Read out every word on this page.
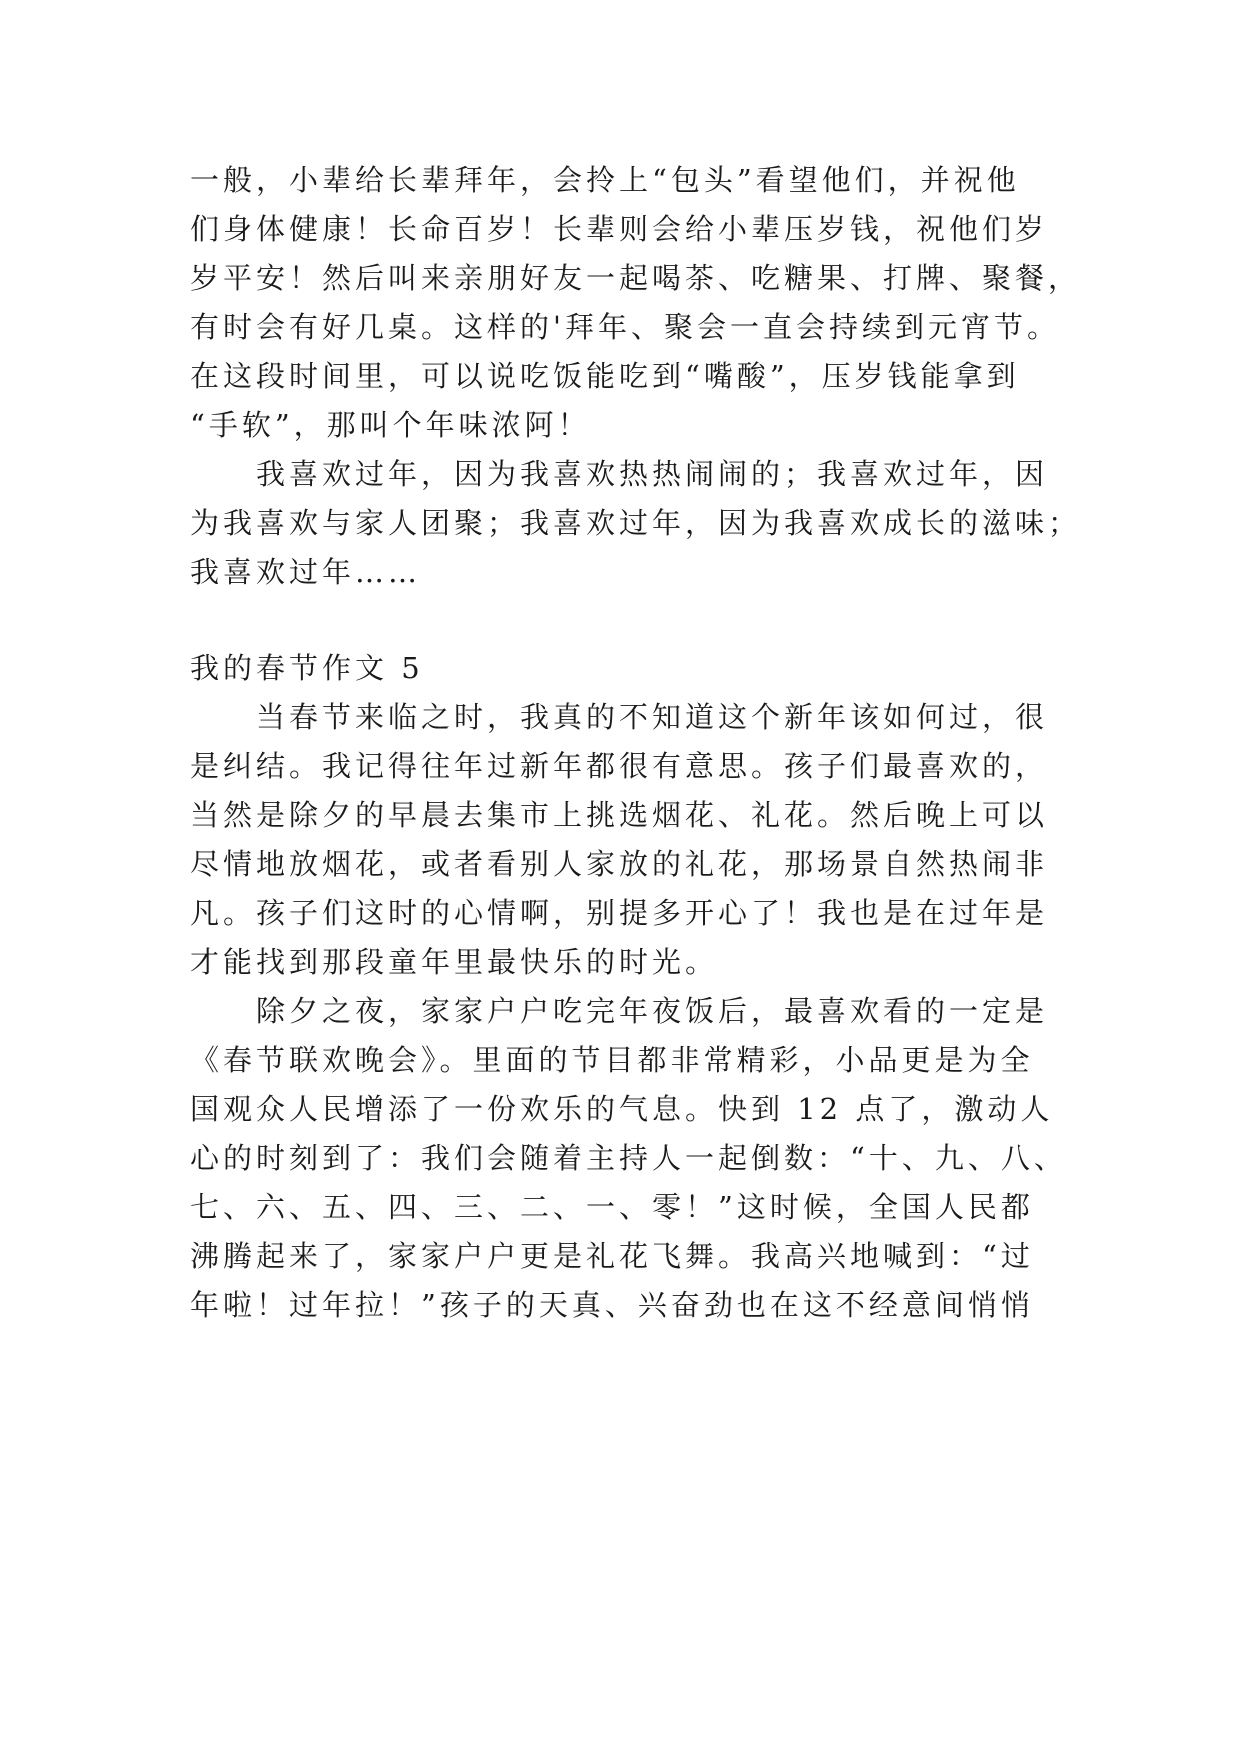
一般，小辈给长辈拜年，会拎上“包头”看望他们，并祝他
们身体健康！长命百岁！长辈则会给小辈压岁钱，祝他们岁
岁平安！然后叫来亲朋好友一起喝茶、吃糖果、打牌、聚餐，
有时会有好几桌。这样的'拜年、聚会一直会持续到元宵节。
在这段时间里，可以说吃饭能吃到“嘴酸”，压岁钱能拿到
“手软”，那叫个年味浓阿！
我喜欢过年，因为我喜欢热热闹闹的；我喜欢过年，因
为我喜欢与家人团聚；我喜欢过年，因为我喜欢成长的滋味；
我喜欢过年……
我的春节作文 5
当春节来临之时，我真的不知道这个新年该如何过，很
是纠结。我记得往年过新年都很有意思。孩子们最喜欢的，
当然是除夕的早晨去集市上挑选烟花、礼花。然后晚上可以
尽情地放烟花，或者看别人家放的礼花，那场景自然热闹非
凡。孩子们这时的心情啊，别提多开心了！我也是在过年是
才能找到那段童年里最快乐的时光。
除夕之夜，家家户户吃完年夜饭后，最喜欢看的一定是
《春节联欢晚会》。里面的节目都非常精彩，小品更是为全
国观众人民增添了一份欢乐的气息。快到 12 点了，激动人
心的时刻到了：我们会随着主持人一起倒数：“十、九、八、
七、六、五、四、三、二、一、零！”这时候，全国人民都
沸腾起来了，家家户户更是礼花飞舞。我高兴地喊到：“过
年啦！过年拉！”孩子的天真、兴奋劲也在这不经意间悄悄
